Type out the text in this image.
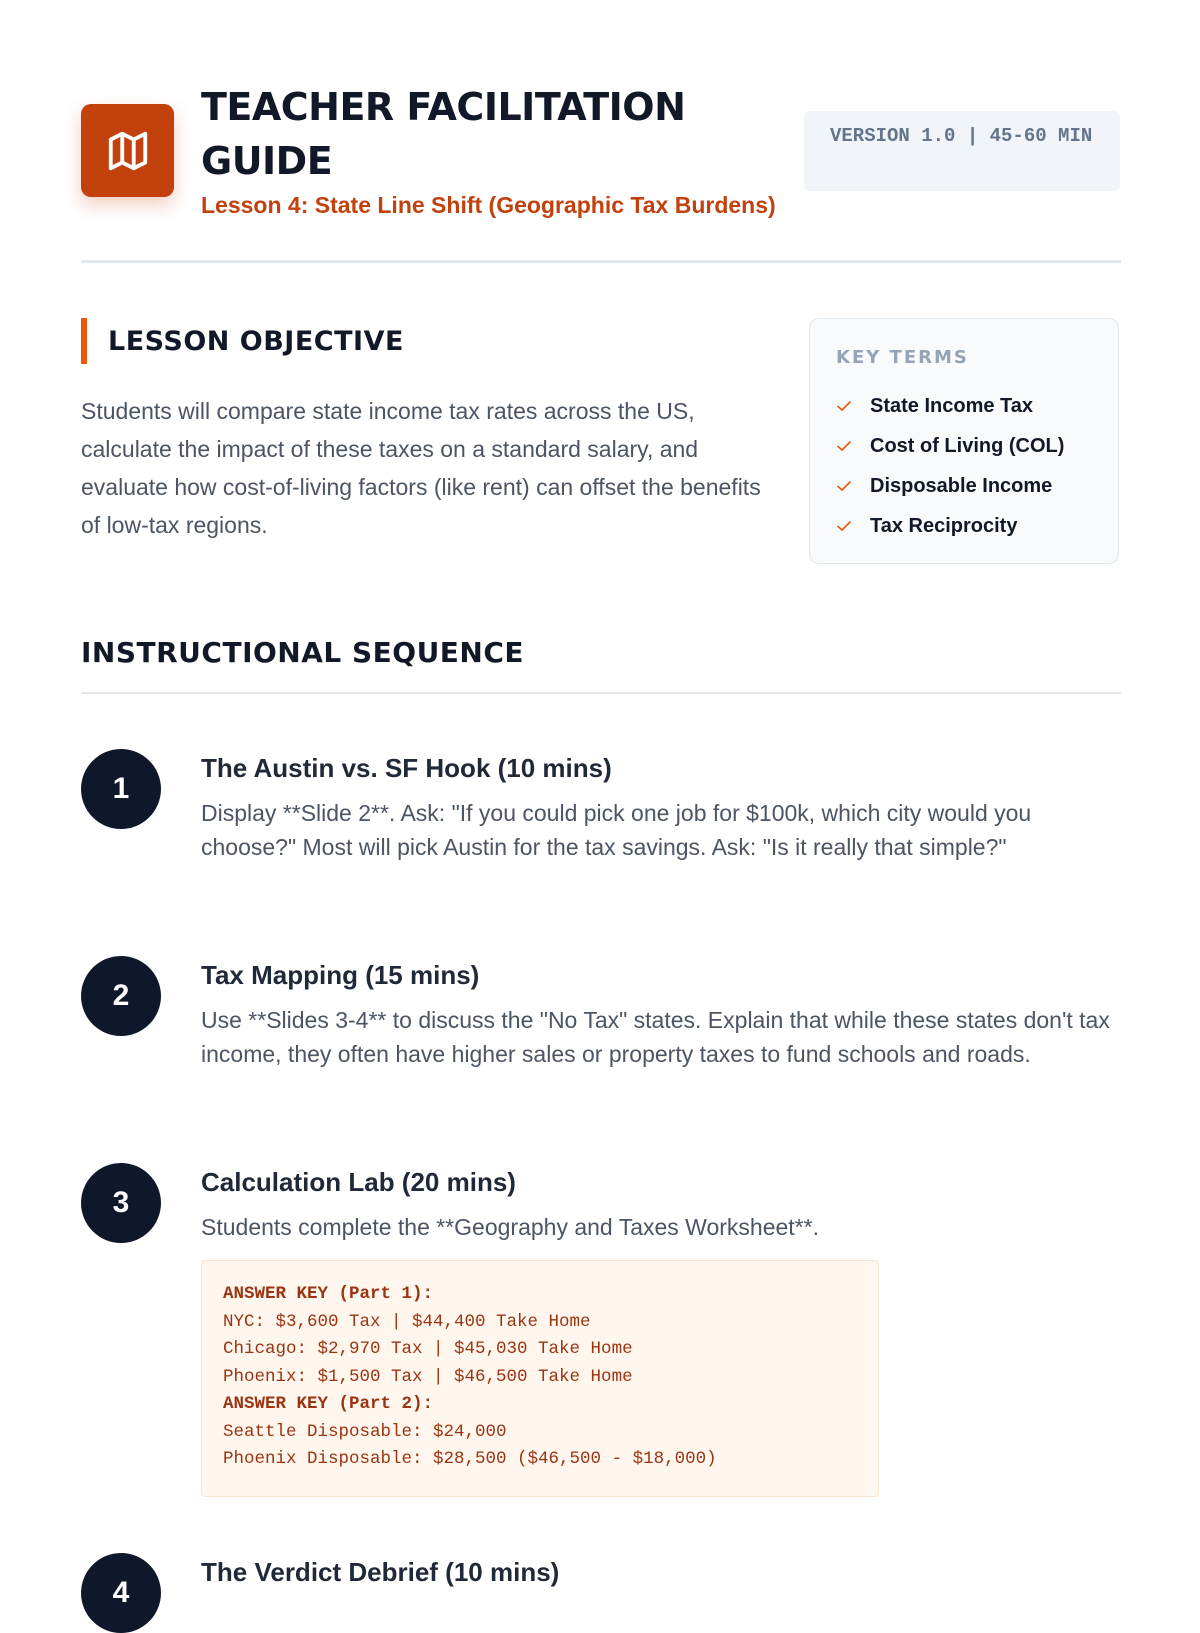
TEACHER FACILITATION GUIDE
Lesson 4: State Line Shift (Geographic Tax Burdens)
VERSION 1.0 | 45-60 MIN
LESSON OBJECTIVE
Students will compare state income tax rates across the US, calculate the impact of these taxes on a standard salary, and evaluate how cost-of-living factors (like rent) can offset the benefits of low-tax regions.
KEY TERMS
State Income Tax
Cost of Living (COL)
Disposable Income
Tax Reciprocity
INSTRUCTIONAL SEQUENCE
1
The Austin vs. SF Hook (10 mins)
Display **Slide 2**. Ask: "If you could pick one job for $100k, which city would you choose?" Most will pick Austin for the tax savings. Ask: "Is it really that simple?"
2
Tax Mapping (15 mins)
Use **Slides 3-4** to discuss the "No Tax" states. Explain that while these states don't tax income, they often have higher sales or property taxes to fund schools and roads.
3
Calculation Lab (20 mins)
Students complete the **Geography and Taxes Worksheet**.
ANSWER KEY (Part 1):
NYC: $3,600 Tax | $44,400 Take Home
Chicago: $2,970 Tax | $45,030 Take Home
Phoenix: $1,500 Tax | $46,500 Take Home
ANSWER KEY (Part 2):
Seattle Disposable: $24,000
Phoenix Disposable: $28,500 ($46,500 - $18,000)
4
The Verdict Debrief (10 mins)
